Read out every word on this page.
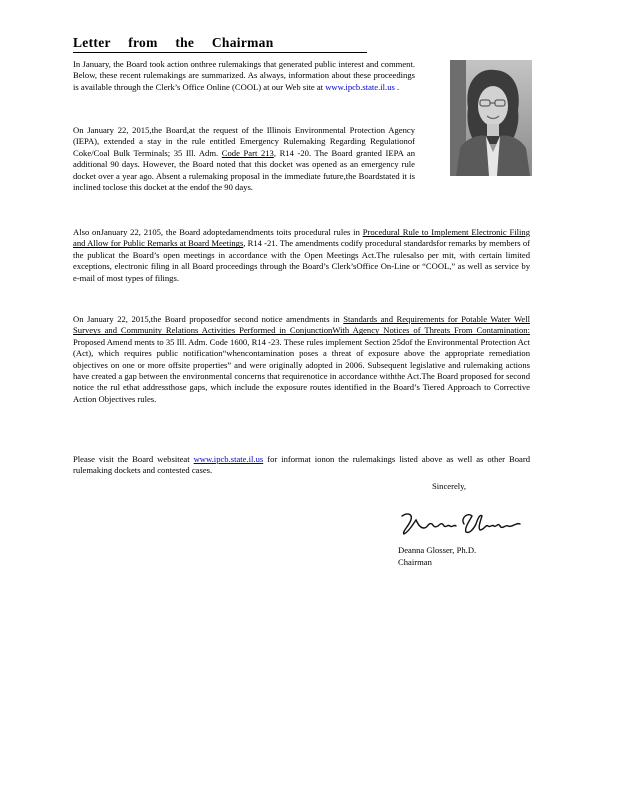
Letter from the Chairman

In January, the Board took action onthree rulemakings that generated public interest and comment. Below, these recent rulemakings are summarized. As always, information about these proceedings is available through the Clerk’s Office Online (COOL) at our Web site at www.ipcb.state.il.us .

On January 22, 2015,the Board,at the request of the Illinois Environmental Protection Agency (IEPA), extended a stay in the rule entitled Emergency Rulemaking Regarding Regulationof Coke/Coal Bulk Terminals; 35 Ill. Adm. Code Part 213, R14 -20. The Board granted IEPA an additional 90 days. However, the Board noted that this docket was opened as an emergency rule docket over a year ago. Absent a rulemaking proposal in the immediate future,the Boardstated it is inclined toclose this docket at the endof the 90 days.

Also onJanuary 22, 2105, the Board adoptedamendments toits procedural rules in Procedural Rule to Implement Electronic Filing and Allow for Public Remarks at Board Meetings, R14 -21. The amendments codify procedural standardsfor remarks by members of the publicat the Board’s open meetings in accordance with the Open Meetings Act.The rulesalso per mit, with certain limited exceptions, electronic filing in all Board proceedings through the Board’s Clerk’sOffice On-Line or “COOL,” as well as service by e-mail of most types of filings.

On January 22, 2015,the Board proposedfor second notice amendments in Standards and Requirements for Potable Water Well Surveys and Community Relations Activities Performed in ConjunctionWith Agency Notices of Threats From Contamination: Proposed Amend ments to 35 Ill. Adm. Code 1600, R14 -23. These rules implement Section 25dof the Environmental Protection Act (Act), which requires public notification“whencontamination poses a threat of exposure above the appropriate remediation objectives on one or more offsite properties” and were originally adopted in 2006. Subsequent legislative and rulemaking actions have created a gap between the environmental concerns that requirenotice in accordance withthe Act.The Board proposed for second notice the rul ethat addressthose gaps, which include the exposure routes identified in the Board’s Tiered Approach to Corrective Action Objectives rules.

Please visit the Board websiteat www.ipcb.state.il.us for informat ionon the rulemakings listed above as well as other Board rulemaking dockets and contested cases.

Sincerely,
Deanna Glosser, Ph.D.
Chairman
